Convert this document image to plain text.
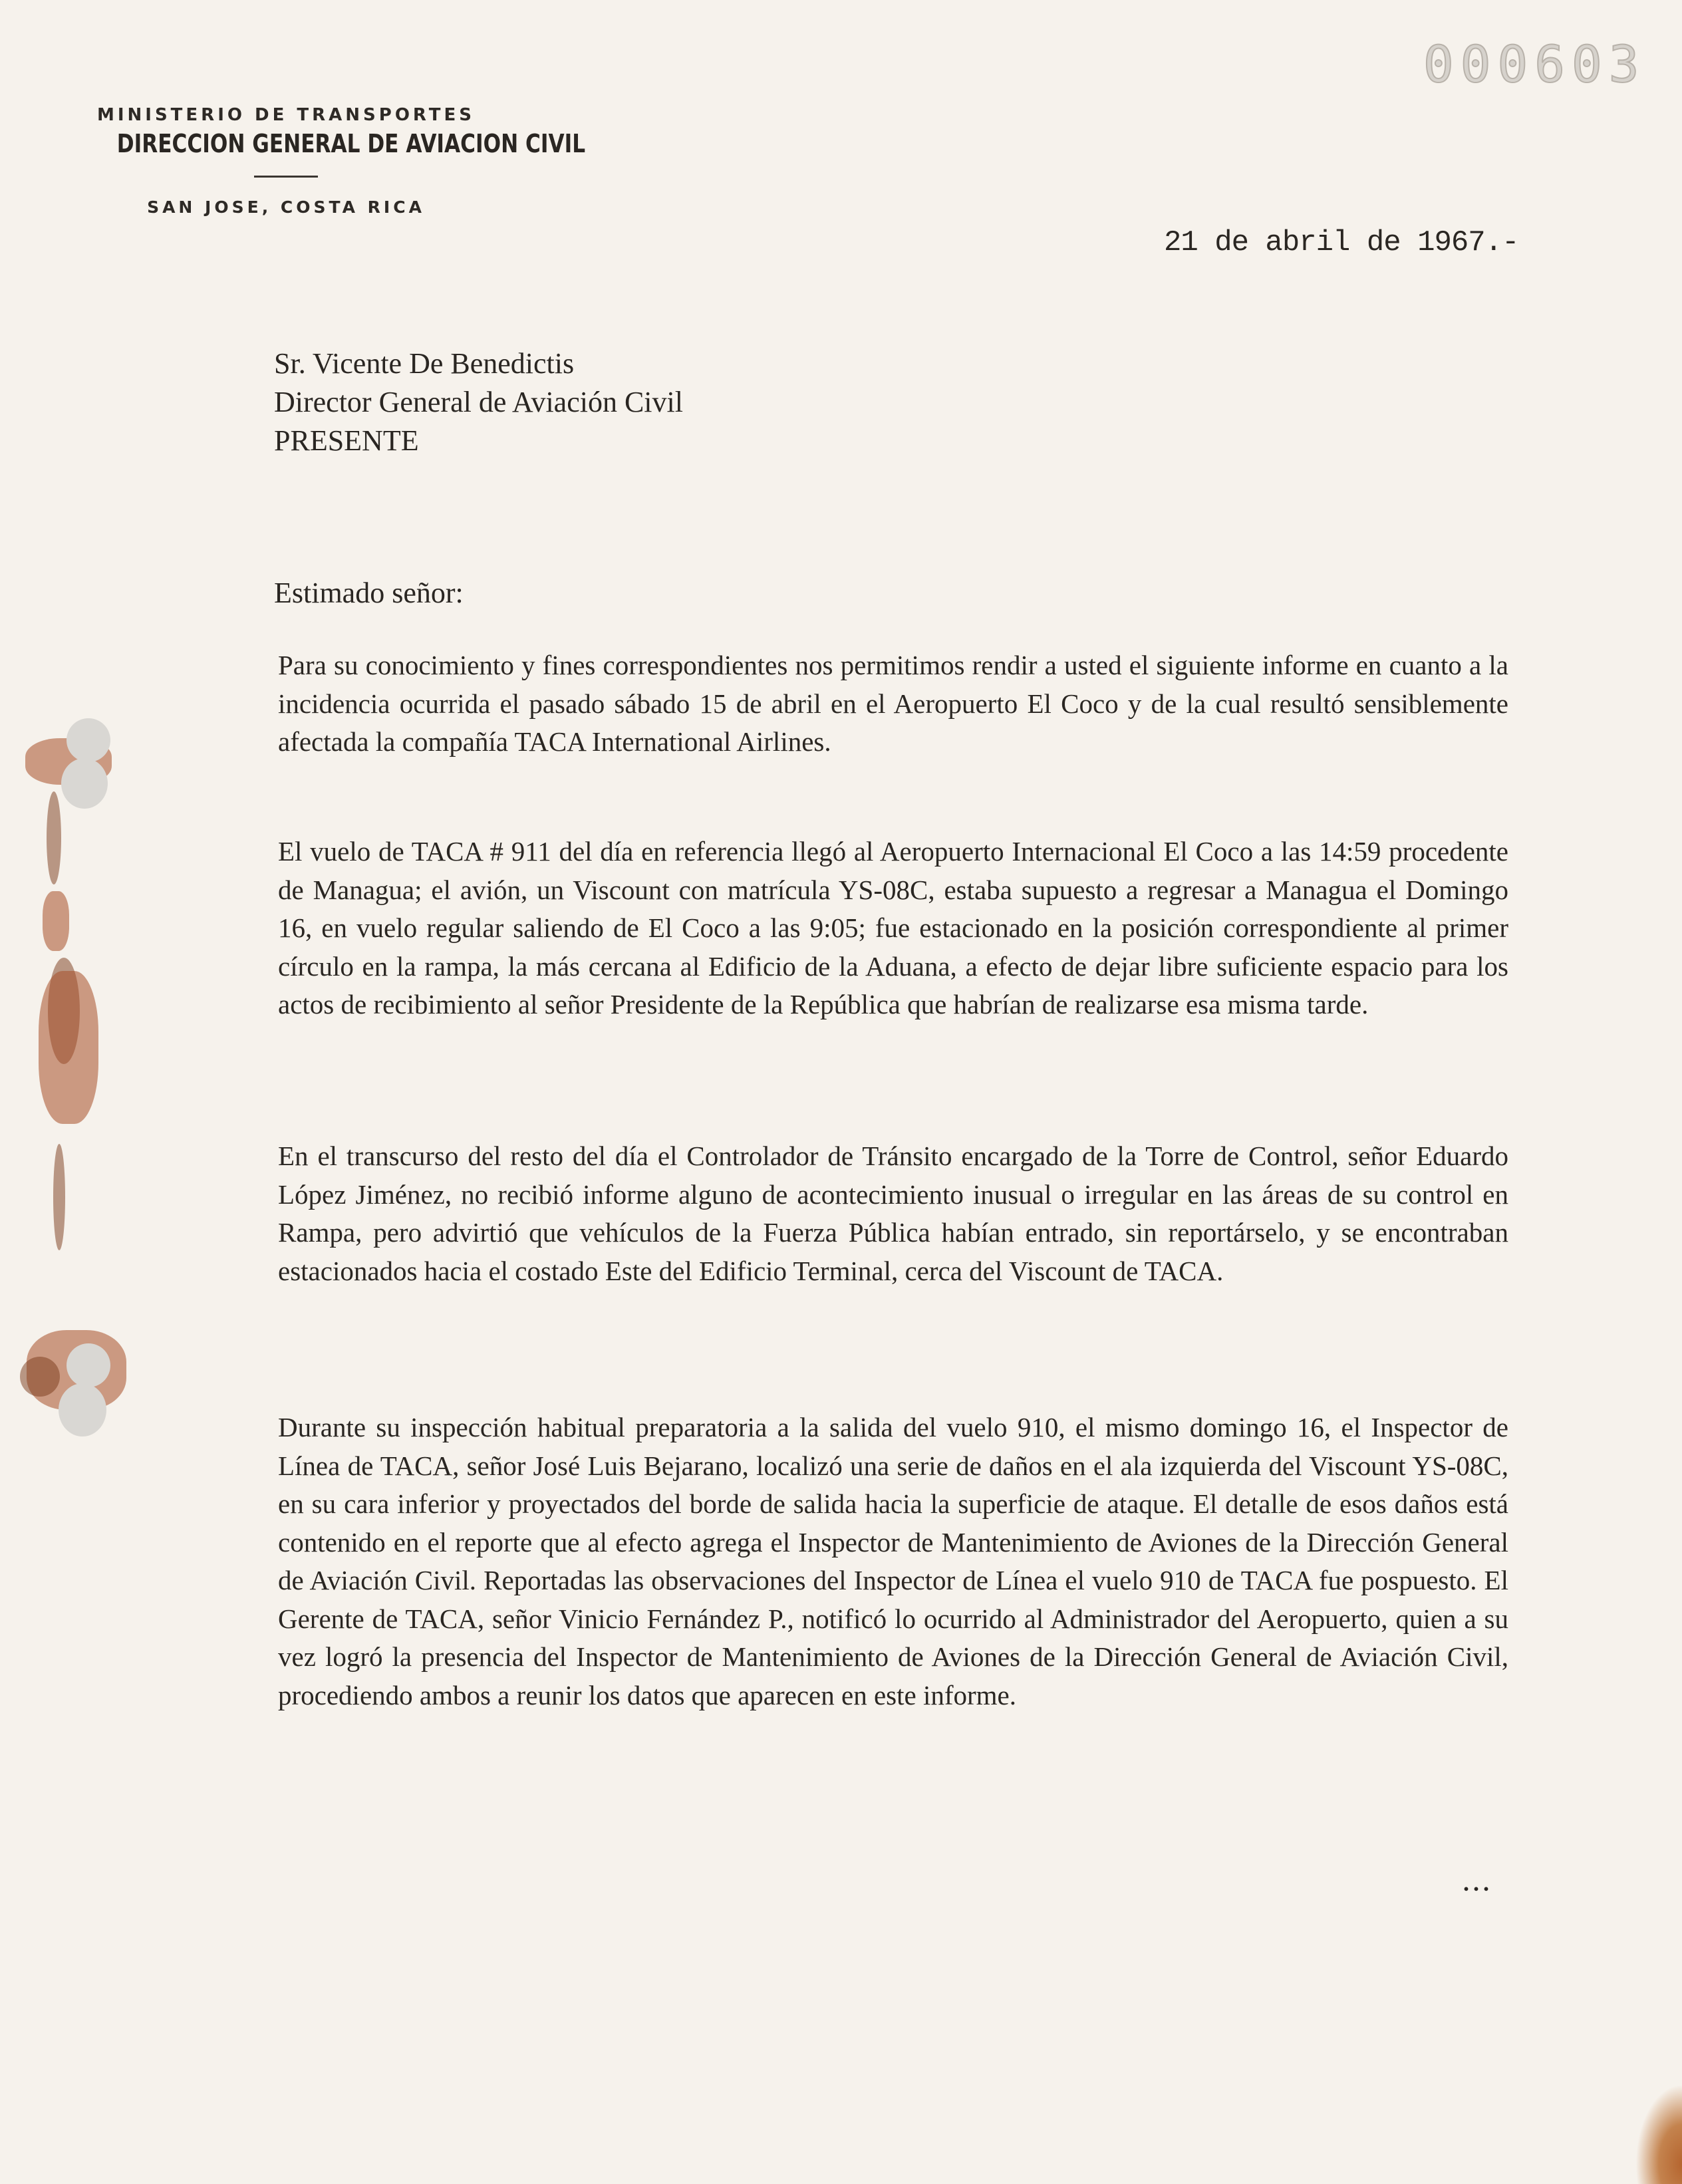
000603
MINISTERIO DE TRANSPORTES
DIRECCION GENERAL DE AVIACION CIVIL
SAN JOSE, COSTA RICA
21 de abril de 1967.-
Sr. Vicente De Benedictis
Director General de Aviación Civil
PRESENTE
Estimado señor:

Para su conocimiento y fines correspondientes nos permitimos rendir a usted el siguiente informe en cuanto a la incidencia ocurrida el pasado sábado 15 de abril en el Aeropuerto El Coco y de la cual resultó sensiblemente afectada la compañía TACA International Airlines.

El vuelo de TACA # 911 del día en referencia llegó al Aeropuerto Internacional El Coco a las 14:59 procedente de Managua; el avión, un Viscount con matrícula YS-08C, estaba supuesto a regresar a Managua el Domingo 16, en vuelo regular saliendo de El Coco a las 9:05; fue estacionado en la posición correspondiente al primer círculo en la rampa, la más cercana al Edificio de la Aduana, a efecto de dejar libre suficiente espacio para los actos de recibimiento al señor Presidente de la República que habrían de realizarse esa misma tarde.

En el transcurso del resto del día el Controlador de Tránsito encargado de la Torre de Control, señor Eduardo López Jiménez, no recibió informe alguno de acontecimiento inusual o irregular en las áreas de su control en Rampa, pero advirtió que vehículos de la Fuerza Pública habían entrado, sin reportárselo, y se encontraban estacionados hacia el costado Este del Edificio Terminal, cerca del Viscount de TACA.

Durante su inspección habitual preparatoria a la salida del vuelo 910, el mismo domingo 16, el Inspector de Línea de TACA, señor José Luis Bejarano, localizó una serie de daños en el ala izquierda del Viscount YS-08C, en su cara inferior y proyectados del borde de salida hacia la superficie de ataque. El detalle de esos daños está contenido en el reporte que al efecto agrega el Inspector de Mantenimiento de Aviones de la Dirección General de Aviación Civil. Reportadas las observaciones del Inspector de Línea el vuelo 910 de TACA fue pospuesto. El Gerente de TACA, señor Vinicio Fernández P., notificó lo ocurrido al Administrador del Aeropuerto, quien a su vez logró la presencia del Inspector de Mantenimiento de Aviones de la Dirección General de Aviación Civil, procediendo ambos a reunir los datos que aparecen en este informe.

...
